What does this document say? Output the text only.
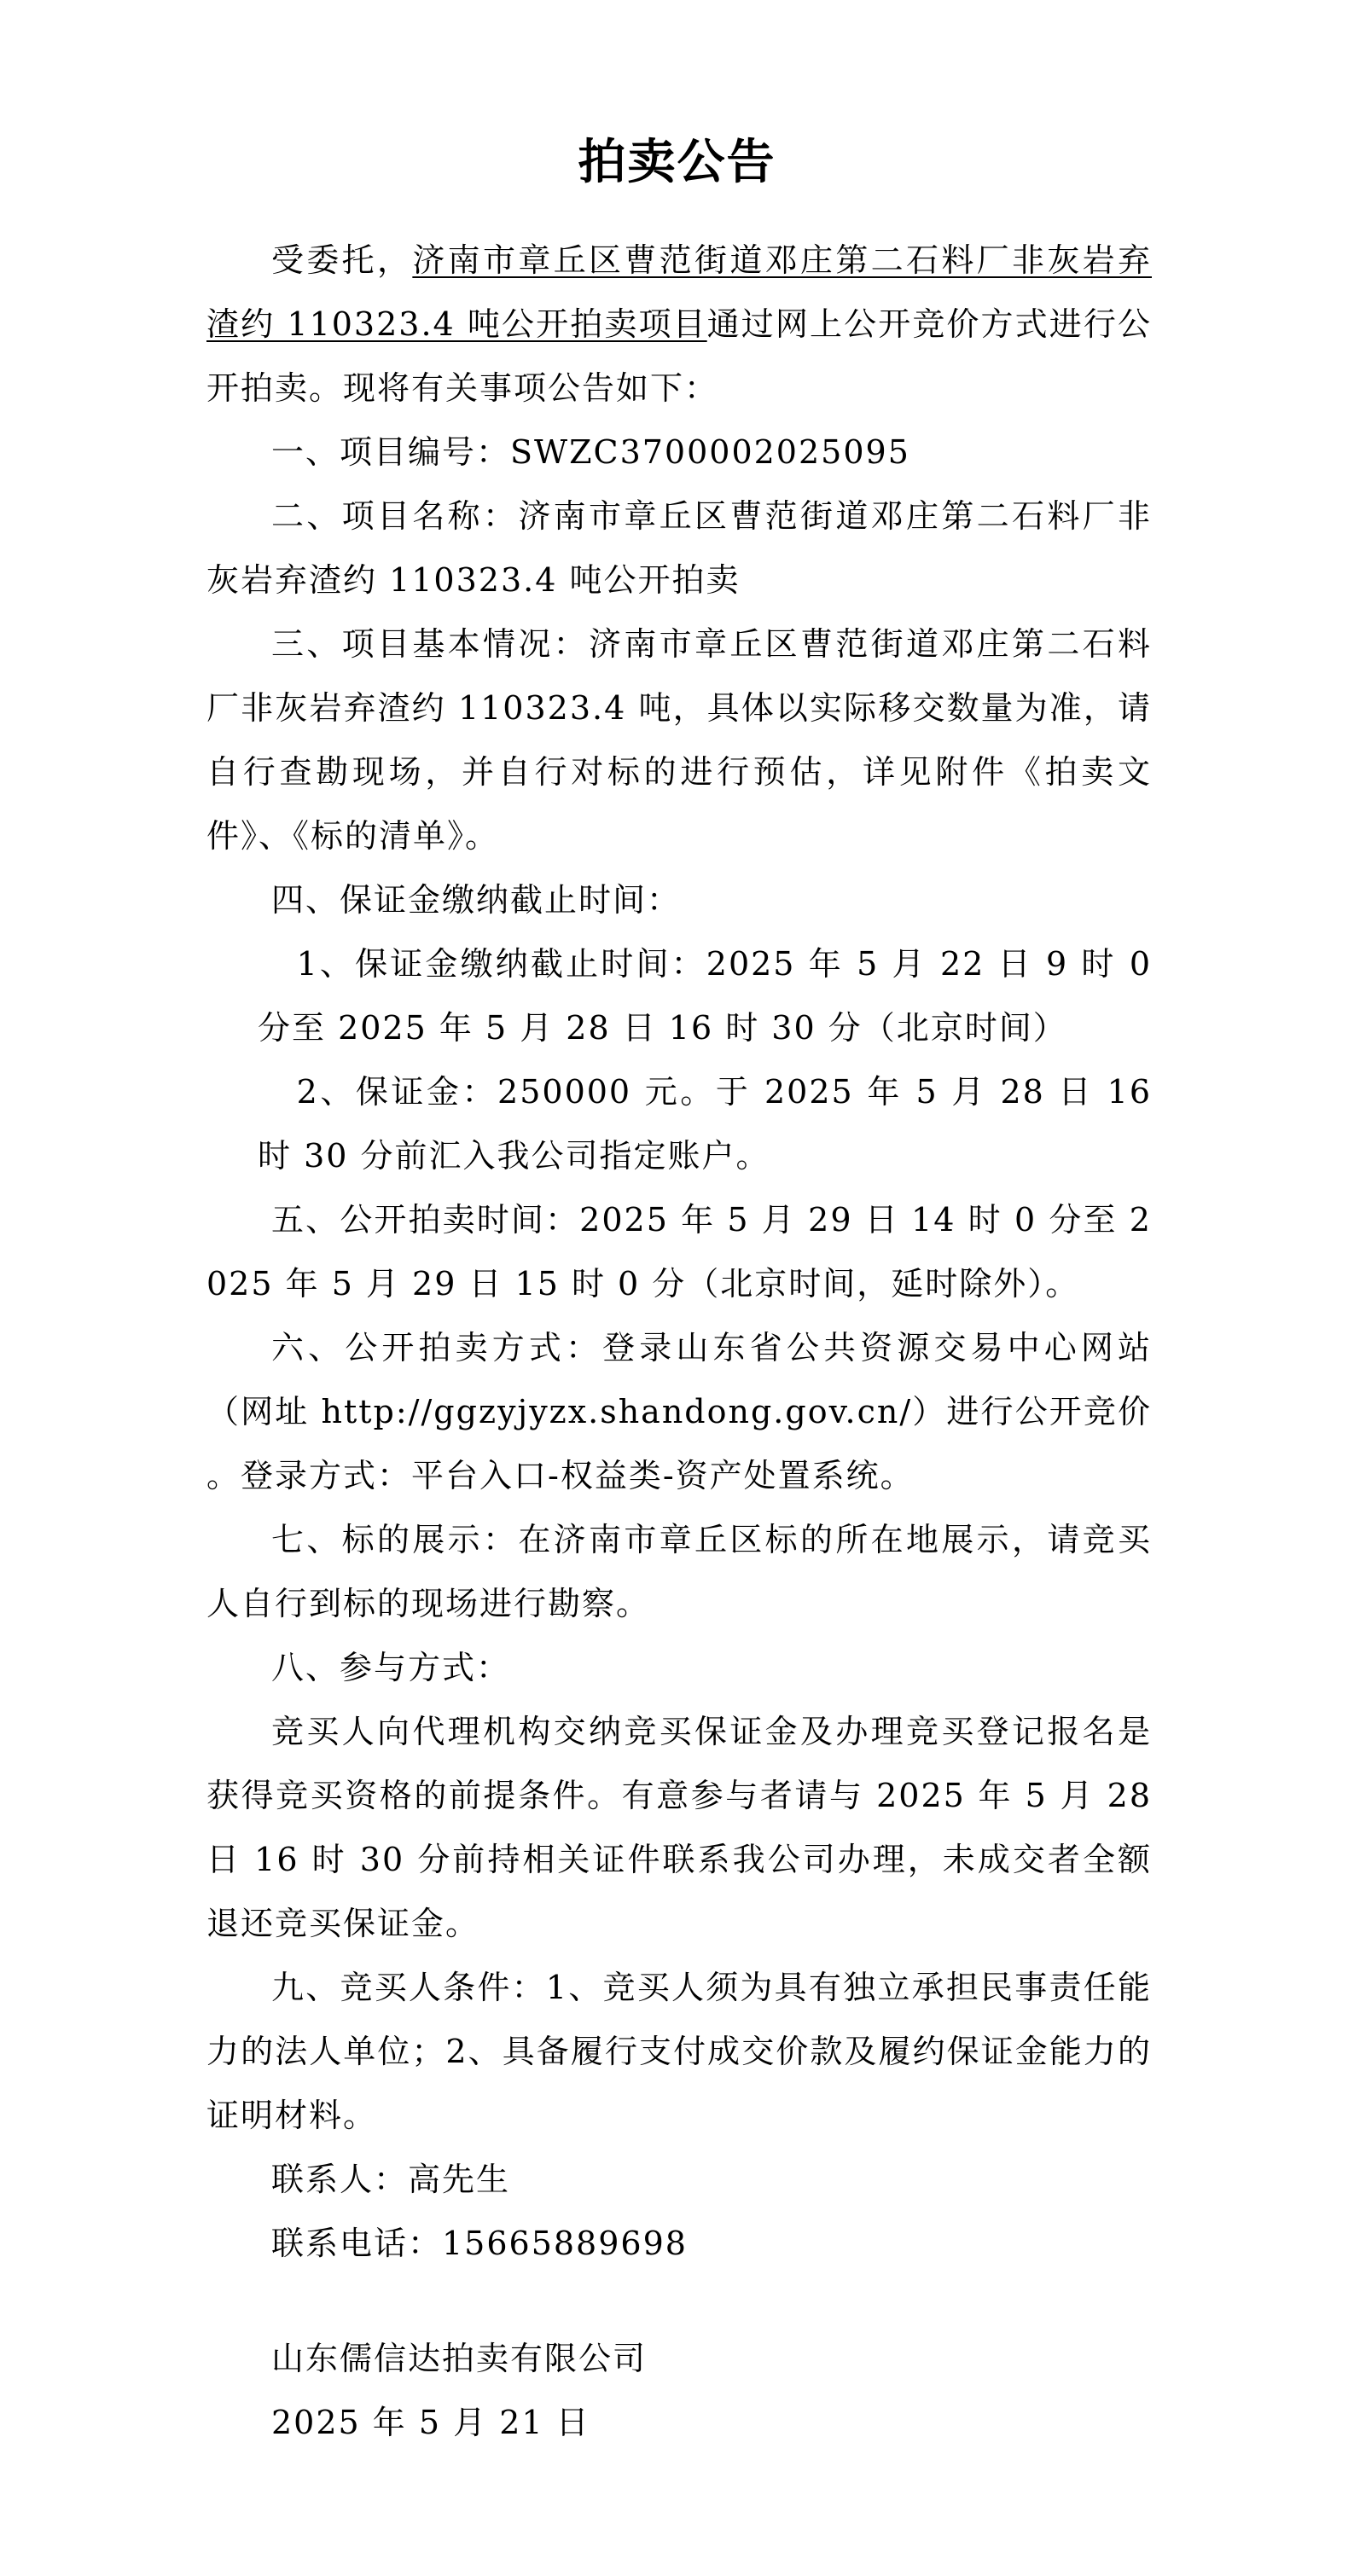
拍卖公告

受委托，济南市章丘区曹范街道邓庄第二石料厂非灰岩弃渣约 110323.4 吨公开拍卖项目通过网上公开竞价方式进行公开拍卖。现将有关事项公告如下：

一、项目编号：SWZC3700002025095

二、项目名称：济南市章丘区曹范街道邓庄第二石料厂非灰岩弃渣约 110323.4 吨公开拍卖

三、项目基本情况：济南市章丘区曹范街道邓庄第二石料厂非灰岩弃渣约 110323.4 吨，具体以实际移交数量为准，请自行查勘现场，并自行对标的进行预估，详见附件《拍卖文件》、《标的清单》。

四、保证金缴纳截止时间：

1、保证金缴纳截止时间：2025 年 5 月 22 日 9 时 0 分至 2025 年 5 月 28 日 16 时 30 分（北京时间）

2、保证金：250000 元。于 2025 年 5 月 28 日 16 时 30 分前汇入我公司指定账户。

五、公开拍卖时间：2025 年 5 月 29 日 14 时 0 分至 2025 年 5 月 29 日 15 时 0 分（北京时间，延时除外）。

六、公开拍卖方式：登录山东省公共资源交易中心网站（网址 http://ggzyjyzx.shandong.gov.cn/）进行公开竞价 。登录方式：平台入口-权益类-资产处置系统。

七、标的展示：在济南市章丘区标的所在地展示，请竞买人自行到标的现场进行勘察。

八、参与方式：

竞买人向代理机构交纳竞买保证金及办理竞买登记报名是获得竞买资格的前提条件。有意参与者请与 2025 年 5 月 28 日 16 时 30 分前持相关证件联系我公司办理，未成交者全额退还竞买保证金。

九、竞买人条件：1、竞买人须为具有独立承担民事责任能力的法人单位；2、具备履行支付成交价款及履约保证金能力的证明材料。

联系人：高先生

联系电话：15665889698

山东儒信达拍卖有限公司

2025 年 5 月 21 日
